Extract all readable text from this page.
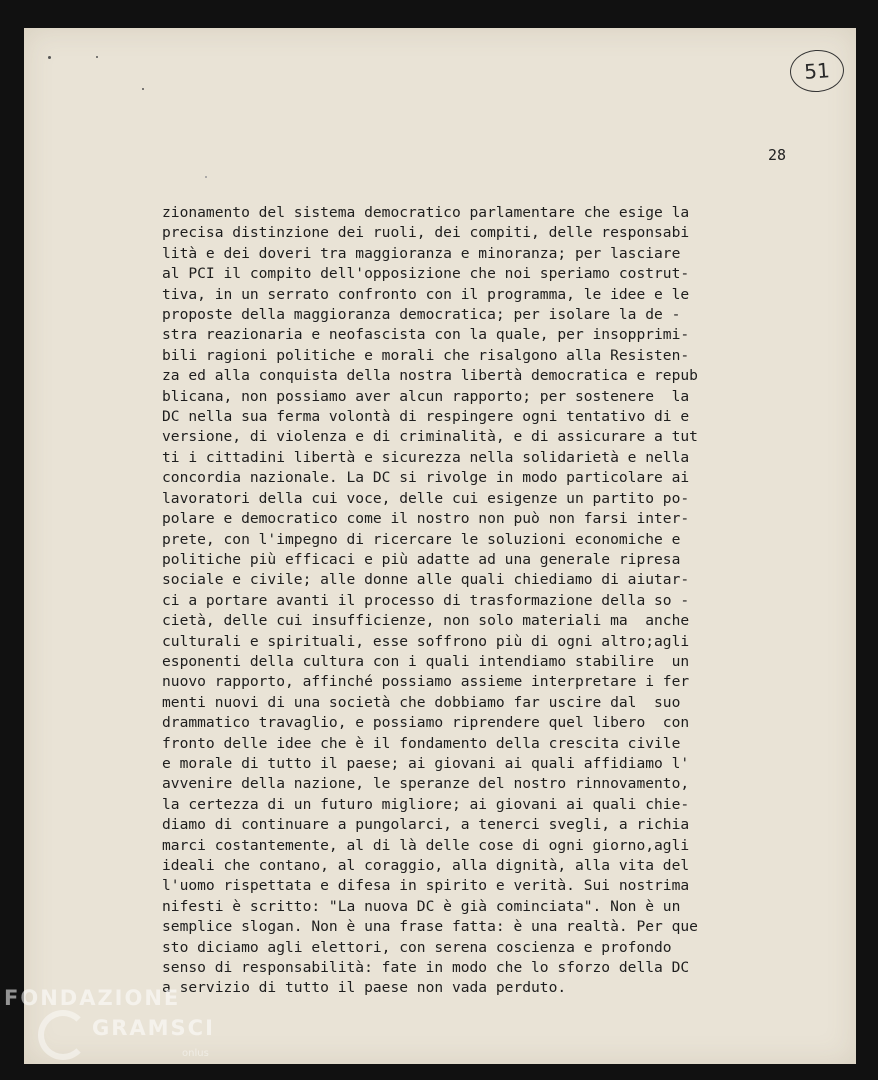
51
28
zionamento del sistema democratico parlamentare che esige la
precisa distinzione dei ruoli, dei compiti, delle responsabi
lità e dei doveri tra maggioranza e minoranza; per lasciare
al PCI il compito dell'opposizione che noi speriamo costrut-
tiva, in un serrato confronto con il programma, le idee e le
proposte della maggioranza democratica; per isolare la de -
stra reazionaria e neofascista con la quale, per insopprimi-
bili ragioni politiche e morali che risalgono alla Resisten-
za ed alla conquista della nostra libertà democratica e repub
blicana, non possiamo aver alcun rapporto; per sostenere  la
DC nella sua ferma volontà di respingere ogni tentativo di e
versione, di violenza e di criminalità, e di assicurare a tut
ti i cittadini libertà e sicurezza nella solidarietà e nella
concordia nazionale. La DC si rivolge in modo particolare ai
lavoratori della cui voce, delle cui esigenze un partito po-
polare e democratico come il nostro non può non farsi inter-
prete, con l'impegno di ricercare le soluzioni economiche e
politiche più efficaci e più adatte ad una generale ripresa
sociale e civile; alle donne alle quali chiediamo di aiutar-
ci a portare avanti il processo di trasformazione della so -
cietà, delle cui insufficienze, non solo materiali ma  anche
culturali e spirituali, esse soffrono più di ogni altro;agli
esponenti della cultura con i quali intendiamo stabilire  un
nuovo rapporto, affinché possiamo assieme interpretare i fer
menti nuovi di una società che dobbiamo far uscire dal  suo
drammatico travaglio, e possiamo riprendere quel libero  con
fronto delle idee che è il fondamento della crescita civile
e morale di tutto il paese; ai giovani ai quali affidiamo l'
avvenire della nazione, le speranze del nostro rinnovamento,
la certezza di un futuro migliore; ai giovani ai quali chie-
diamo di continuare a pungolarci, a tenerci svegli, a richia
marci costantemente, al di là delle cose di ogni giorno,agli
ideali che contano, al coraggio, alla dignità, alla vita del
l'uomo rispettata e difesa in spirito e verità. Sui nostrima
nifesti è scritto: "La nuova DC è già cominciata". Non è un
semplice slogan. Non è una frase fatta: è una realtà. Per que
sto diciamo agli elettori, con serena coscienza e profondo
senso di responsabilità: fate in modo che lo sforzo della DC
a servizio di tutto il paese non vada perduto.
FONDAZIONE
GRAMSCI
onlus
